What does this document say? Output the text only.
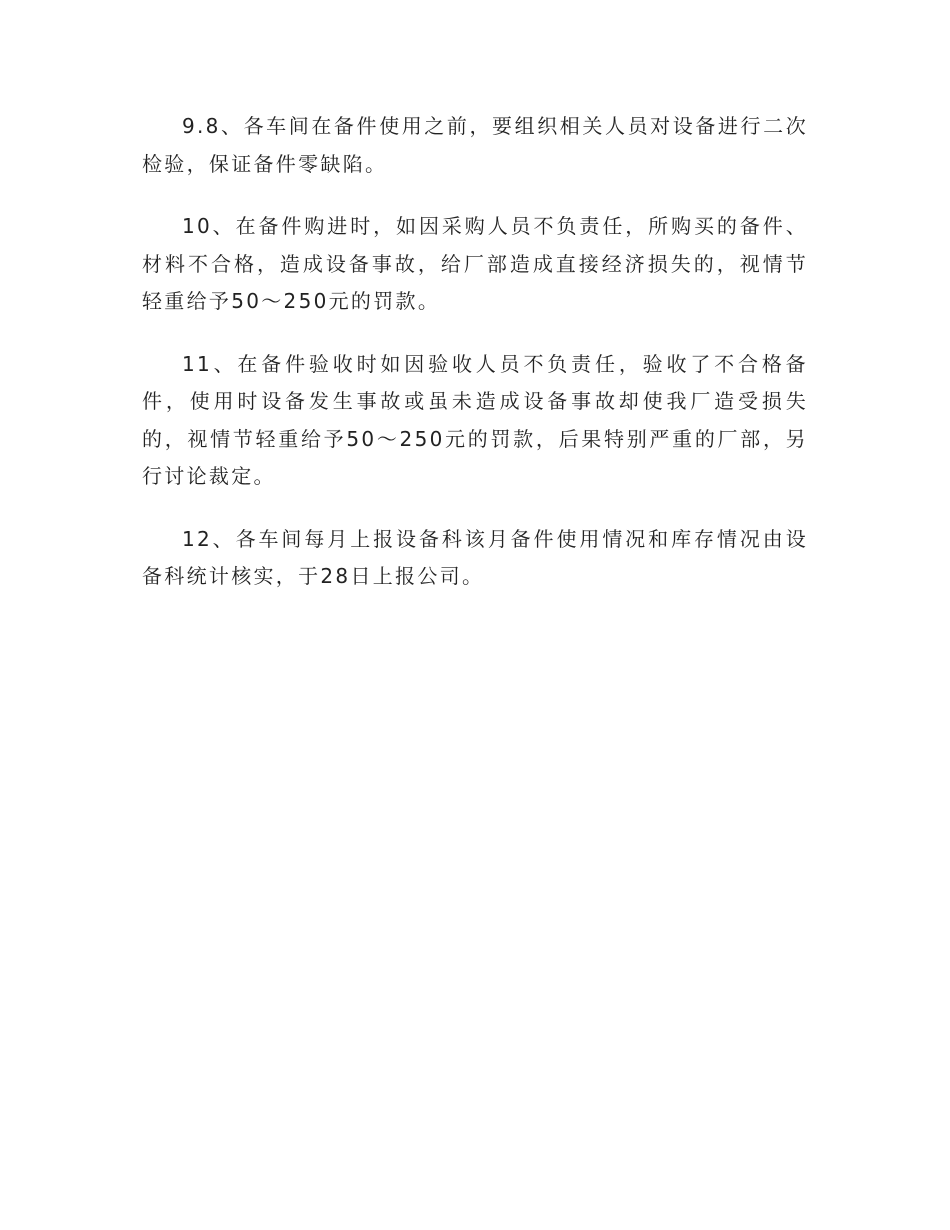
9.8、各车间在备件使用之前，要组织相关人员对设备进行二次检验，保证备件零缺陷。

10、在备件购进时，如因采购人员不负责任，所购买的备件、材料不合格，造成设备事故，给厂部造成直接经济损失的，视情节轻重给予50～250元的罚款。

11、在备件验收时如因验收人员不负责任，验收了不合格备件，使用时设备发生事故或虽未造成设备事故却使我厂造受损失的，视情节轻重给予50～250元的罚款，后果特别严重的厂部，另行讨论裁定。

12、各车间每月上报设备科该月备件使用情况和库存情况由设备科统计核实，于28日上报公司。
